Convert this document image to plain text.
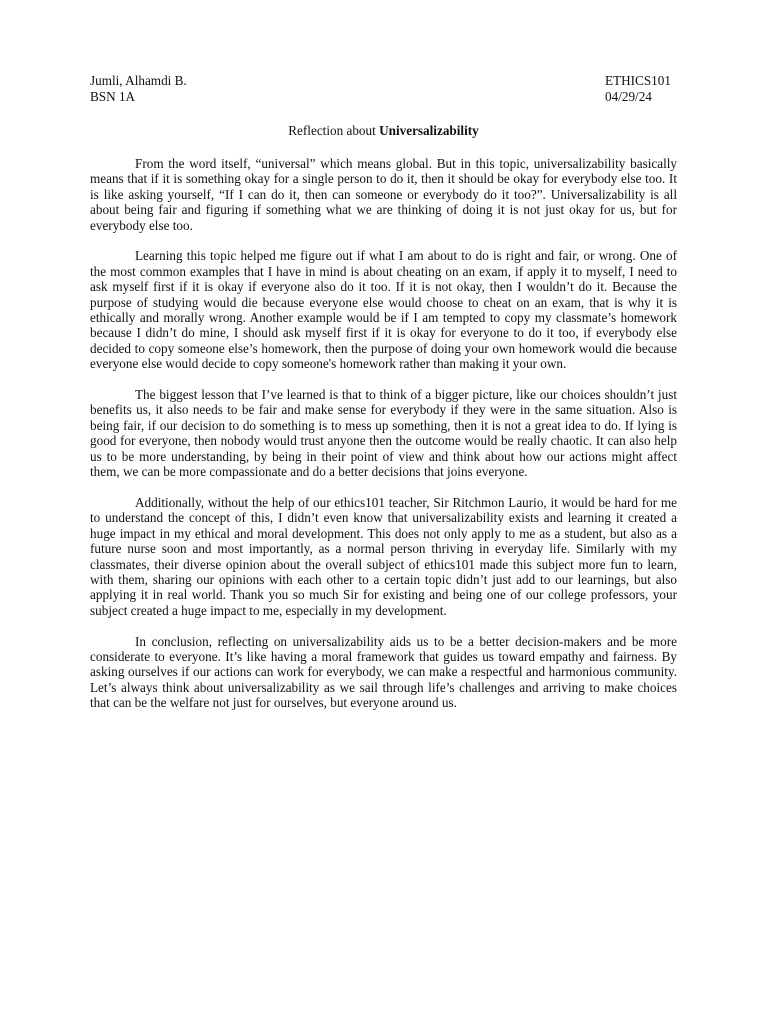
Jumli, Alhamdi B.
BSN 1A
ETHICS101
04/29/24
Reflection about Universalizability

From the word itself, “universal” which means global. But in this topic, universalizability basically means that if it is something okay for a single person to do it, then it should be okay for everybody else too. It is like asking yourself, “If I can do it, then can someone or everybody do it too?”. Universalizability is all about being fair and figuring if something what we are thinking of doing it is not just okay for us, but for everybody else too.

Learning this topic helped me figure out if what I am about to do is right and fair, or wrong. One of the most common examples that I have in mind is about cheating on an exam, if apply it to myself, I need to ask myself first if it is okay if everyone also do it too. If it is not okay, then I wouldn’t do it. Because the purpose of studying would die because everyone else would choose to cheat on an exam, that is why it is ethically and morally wrong. Another example would be if I am tempted to copy my classmate’s homework because I didn’t do mine, I should ask myself first if it is okay for everyone to do it too, if everybody else decided to copy someone else’s homework, then the purpose of doing your own homework would die because everyone else would decide to copy someone's homework rather than making it your own.

The biggest lesson that I’ve learned is that to think of a bigger picture, like our choices shouldn’t just benefits us, it also needs to be fair and make sense for everybody if they were in the same situation. Also is being fair, if our decision to do something is to mess up something, then it is not a great idea to do. If lying is good for everyone, then nobody would trust anyone then the outcome would be really chaotic. It can also help us to be more understanding, by being in their point of view and think about how our actions might affect them, we can be more compassionate and do a better decisions that joins everyone.

Additionally, without the help of our ethics101 teacher, Sir Ritchmon Laurio, it would be hard for me to understand the concept of this, I didn’t even know that universalizability exists and learning it created a huge impact in my ethical and moral development. This does not only apply to me as a student, but also as a future nurse soon and most importantly, as a normal person thriving in everyday life. Similarly with my classmates, their diverse opinion about the overall subject of ethics101 made this subject more fun to learn, with them, sharing our opinions with each other to a certain topic didn’t just add to our learnings, but also applying it in real world. Thank you so much Sir for existing and being one of our college professors, your subject created a huge impact to me, especially in my development.

In conclusion, reflecting on universalizability aids us to be a better decision-makers and be more considerate to everyone. It’s like having a moral framework that guides us toward empathy and fairness. By asking ourselves if our actions can work for everybody, we can make a respectful and harmonious community. Let’s always think about universalizability as we sail through life’s challenges and arriving to make choices that can be the welfare not just for ourselves, but everyone around us.
